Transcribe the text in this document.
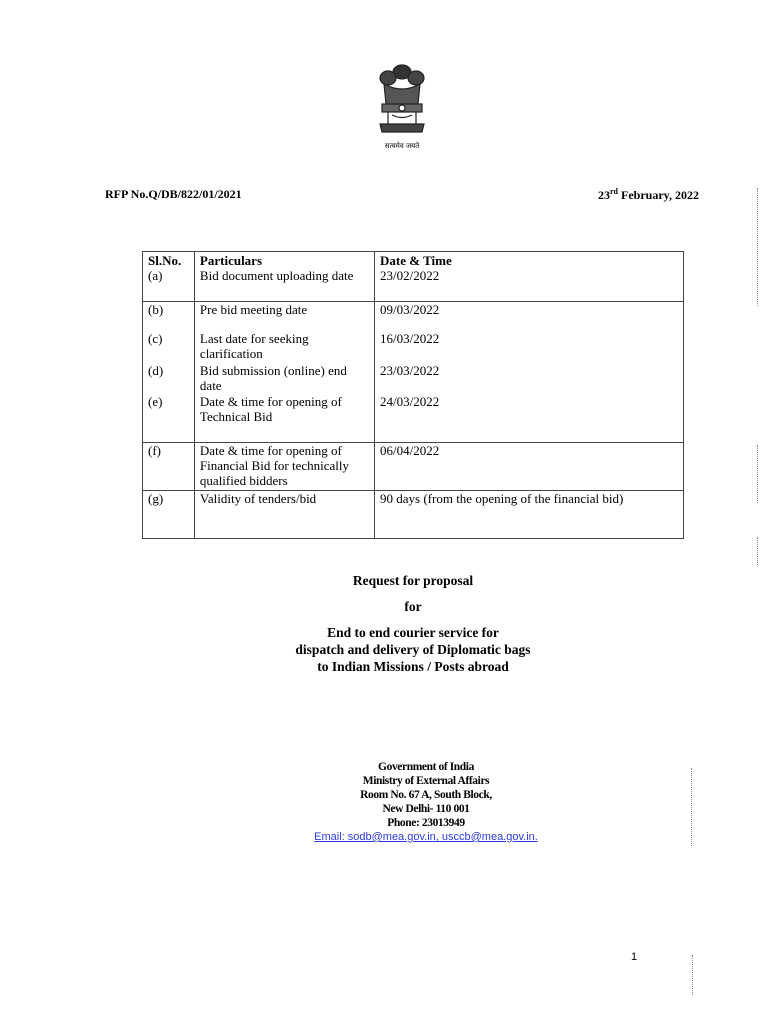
सत्यमेव जयते
RFP No.Q/DB/822/01/2021	23rd February, 2022
Sl.No.	Particulars	Date & Time
(a)	Bid document uploading date	23/02/2022
(b)	Pre bid meeting date	09/03/2022
(c)	Last date for seeking clarification	16/03/2022
(d)	Bid submission (online) end date	23/03/2022
(e)	Date & time for opening of Technical Bid	24/03/2022
(f)	Date & time for opening of Financial Bid for technically qualified bidders	06/04/2022
(g)	Validity of tenders/bid	90 days (from the opening of the financial bid)
Request for proposal
for
End to end courier service for
dispatch and delivery of Diplomatic bags
to Indian Missions / Posts abroad
Government of India
Ministry of External Affairs
Room No. 67 A, South Block,
New Delhi- 110 001
Phone: 23013949
Email: sodb@mea.gov.in, usccb@mea.gov.in.
1
